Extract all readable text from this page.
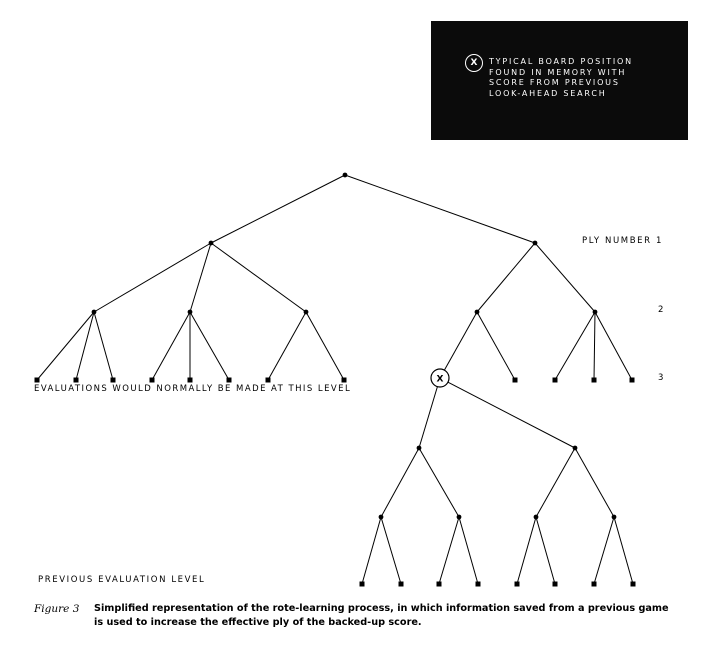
X
X	TYPICAL BOARD POSITION
FOUND IN MEMORY WITH
SCORE FROM PREVIOUS
LOOK-AHEAD SEARCH
PLY NUMBER 1
2
3
EVALUATIONS WOULD NORMALLY BE MADE AT THIS LEVEL
PREVIOUS EVALUATION LEVEL
Figure 3 Simplified representation of the rote-learning process, in which information saved from a previous game is used to increase the effective ply of the backed-up score.
